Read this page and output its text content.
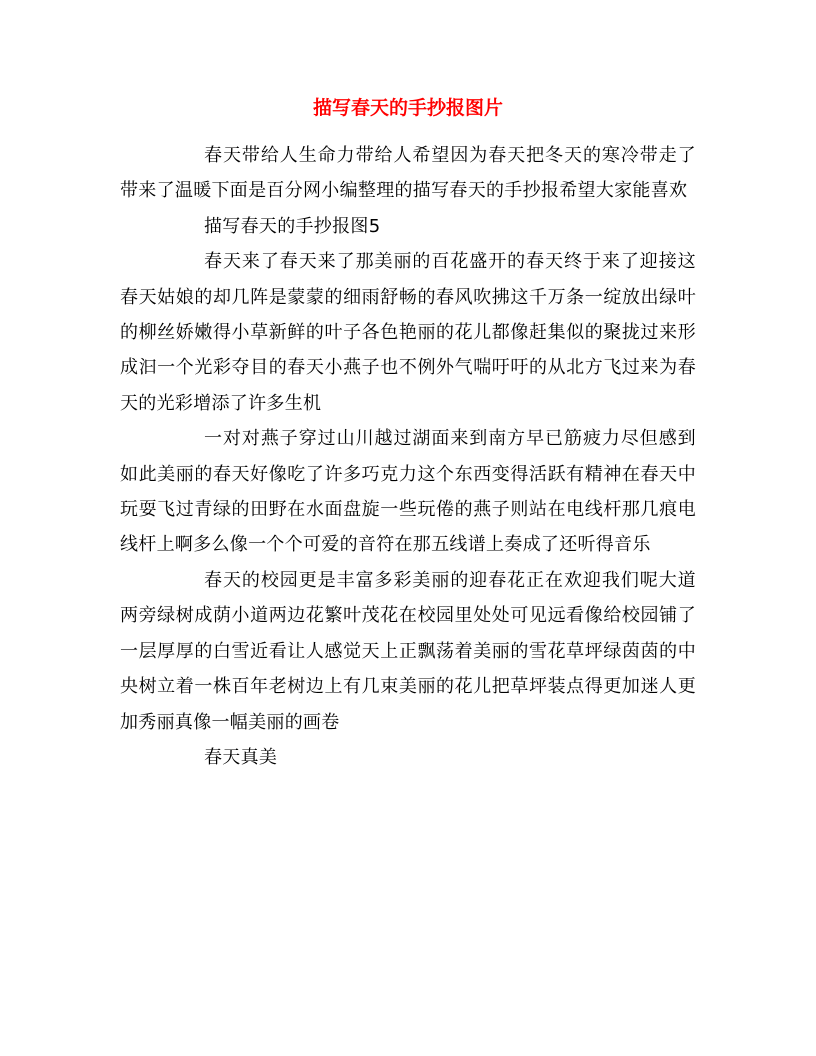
描写春天的手抄报图片

春天带给人生命力带给人希望因为春天把冬天的寒冷带走了带来了温暖下面是百分网小编整理的描写春天的手抄报希望大家能喜欢

描写春天的手抄报图5

春天来了春天来了那美丽的百花盛开的春天终于来了迎接这春天姑娘的却几阵是蒙蒙的细雨舒畅的春风吹拂这千万条一绽放出绿叶的柳丝娇嫩得小草新鲜的叶子各色艳丽的花儿都像赶集似的聚拢过来形成汩一个光彩夺目的春天小燕子也不例外气喘吁吁的从北方飞过来为春天的光彩增添了许多生机

一对对燕子穿过山川越过湖面来到南方早已筋疲力尽但感到如此美丽的春天好像吃了许多巧克力这个东西变得活跃有精神在春天中玩耍飞过青绿的田野在水面盘旋一些玩倦的燕子则站在电线杆那几痕电线杆上啊多么像一个个可爱的音符在那五线谱上奏成了还听得音乐

春天的校园更是丰富多彩美丽的迎春花正在欢迎我们呢大道两旁绿树成荫小道两边花繁叶茂花在校园里处处可见远看像给校园铺了一层厚厚的白雪近看让人感觉天上正飘荡着美丽的雪花草坪绿茵茵的中央树立着一株百年老树边上有几束美丽的花儿把草坪装点得更加迷人更加秀丽真像一幅美丽的画卷

春天真美
